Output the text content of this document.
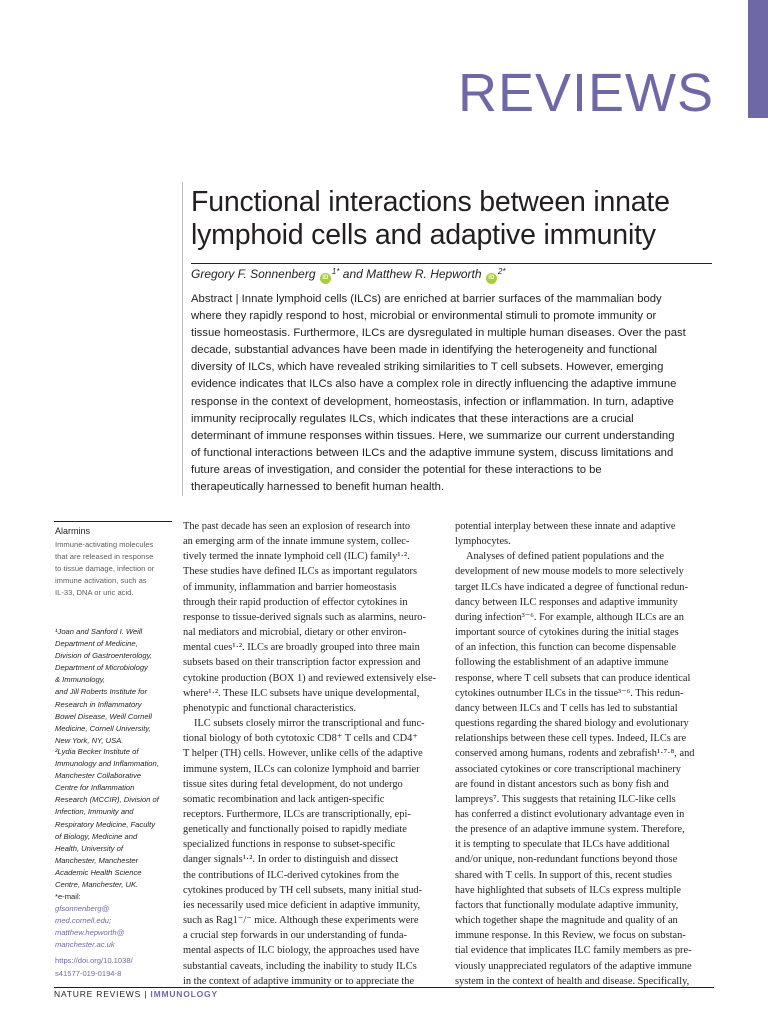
REVIEWS
Functional interactions between innate
lymphoid cells and adaptive immunity
Gregory F. Sonnenberg $iD^{1*}$ and Matthew R. Hepworth $iD^{2*}$
Abstract | Innate lymphoid cells (ILCs) are enriched at barrier surfaces of the mammalian body
where they rapidly respond to host, microbial or environmental stimuli to promote immunity or
tissue homeostasis. Furthermore, ILCs are dysregulated in multiple human diseases. Over the past
decade, substantial advances have been made in identifying the heterogeneity and functional
diversity of ILCs, which have revealed striking similarities to T cell subsets. However, emerging
evidence indicates that ILCs also have a complex role in directly influencing the adaptive immune
response in the context of development, homeostasis, infection or inflammation. In turn, adaptive
immunity reciprocally regulates ILCs, which indicates that these interactions are a crucial
determinant of immune responses within tissues. Here, we summarize our current understanding
of functional interactions between ILCs and the adaptive immune system, discuss limitations and
future areas of investigation, and consider the potential for these interactions to be
therapeutically harnessed to benefit human health.
Alarmins
Immune-activating molecules
that are released in response
to tissue damage, infection or
immune activation, such as
IL-33, DNA or uric acid.
¹Joan and Sanford I. Weill
Department of Medicine,
Division of Gastroenterology,
Department of Microbiology
& Immunology,
and Jill Roberts Institute for
Research in Inflammatory
Bowel Disease, Weill Cornell
Medicine, Cornell University,
New York, NY, USA.
²Lydia Becker Institute of
Immunology and Inflammation,
Manchester Collaborative
Centre for Inflammation
Research (MCCIR), Division of
Infection, Immunity and
Respiratory Medicine, Faculty
of Biology, Medicine and
Health, University of
Manchester, Manchester
Academic Health Science
Centre, Manchester, UK.
*e-mail:
gfsonnenberg@
med.cornell.edu;
matthew.hepworth@
manchester.ac.uk
https://doi.org/10.1038/
s41577-019-0194-8
The past decade has seen an explosion of research into
an emerging arm of the innate immune system, collec-
tively termed the innate lymphoid cell (ILC) family¹·².
These studies have defined ILCs as important regulators
of immunity, inflammation and barrier homeostasis
through their rapid production of effector cytokines in
response to tissue-derived signals such as alarmins, neuro-
nal mediators and microbial, dietary or other environ-
mental cues¹·². ILCs are broadly grouped into three main
subsets based on their transcription factor expression and
cytokine production (BOX 1) and reviewed extensively else-
where¹·². These ILC subsets have unique developmental,
phenotypic and functional characteristics.
ILC subsets closely mirror the transcriptional and func-
tional biology of both cytotoxic CD8⁺ T cells and CD4⁺
T helper (TH) cells. However, unlike cells of the adaptive
immune system, ILCs can colonize lymphoid and barrier
tissue sites during fetal development, do not undergo
somatic recombination and lack antigen-specific
receptors. Furthermore, ILCs are transcriptionally, epi-
genetically and functionally poised to rapidly mediate
specialized functions in response to subset-specific
danger signals¹·². In order to distinguish and dissect
the contributions of ILC-derived cytokines from the
cytokines produced by TH cell subsets, many initial stud-
ies necessarily used mice deficient in adaptive immunity,
such as Rag1⁻/⁻ mice. Although these experiments were
a crucial step forwards in our understanding of funda-
mental aspects of ILC biology, the approaches used have
substantial caveats, including the inability to study ILCs
in the context of adaptive immunity or to appreciate the
potential interplay between these innate and adaptive
lymphocytes.
Analyses of defined patient populations and the
development of new mouse models to more selectively
target ILCs have indicated a degree of functional redun-
dancy between ILC responses and adaptive immunity
during infection³⁻⁶. For example, although ILCs are an
important source of cytokines during the initial stages
of an infection, this function can become dispensable
following the establishment of an adaptive immune
response, where T cell subsets that can produce identical
cytokines outnumber ILCs in the tissue³⁻⁶. This redun-
dancy between ILCs and T cells has led to substantial
questions regarding the shared biology and evolutionary
relationships between these cell types. Indeed, ILCs are
conserved among humans, rodents and zebrafish¹·⁷·⁸, and
associated cytokines or core transcriptional machinery
are found in distant ancestors such as bony fish and
lampreys⁷. This suggests that retaining ILC-like cells
has conferred a distinct evolutionary advantage even in
the presence of an adaptive immune system. Therefore,
it is tempting to speculate that ILCs have additional
and/or unique, non-redundant functions beyond those
shared with T cells. In support of this, recent studies
have highlighted that subsets of ILCs express multiple
factors that functionally modulate adaptive immunity,
which together shape the magnitude and quality of an
immune response. In this Review, we focus on substan-
tial evidence that implicates ILC family members as pre-
viously unappreciated regulators of the adaptive immune
system in the context of health and disease. Specifically,
NATURE REVIEWS | IMMUNOLOGY
